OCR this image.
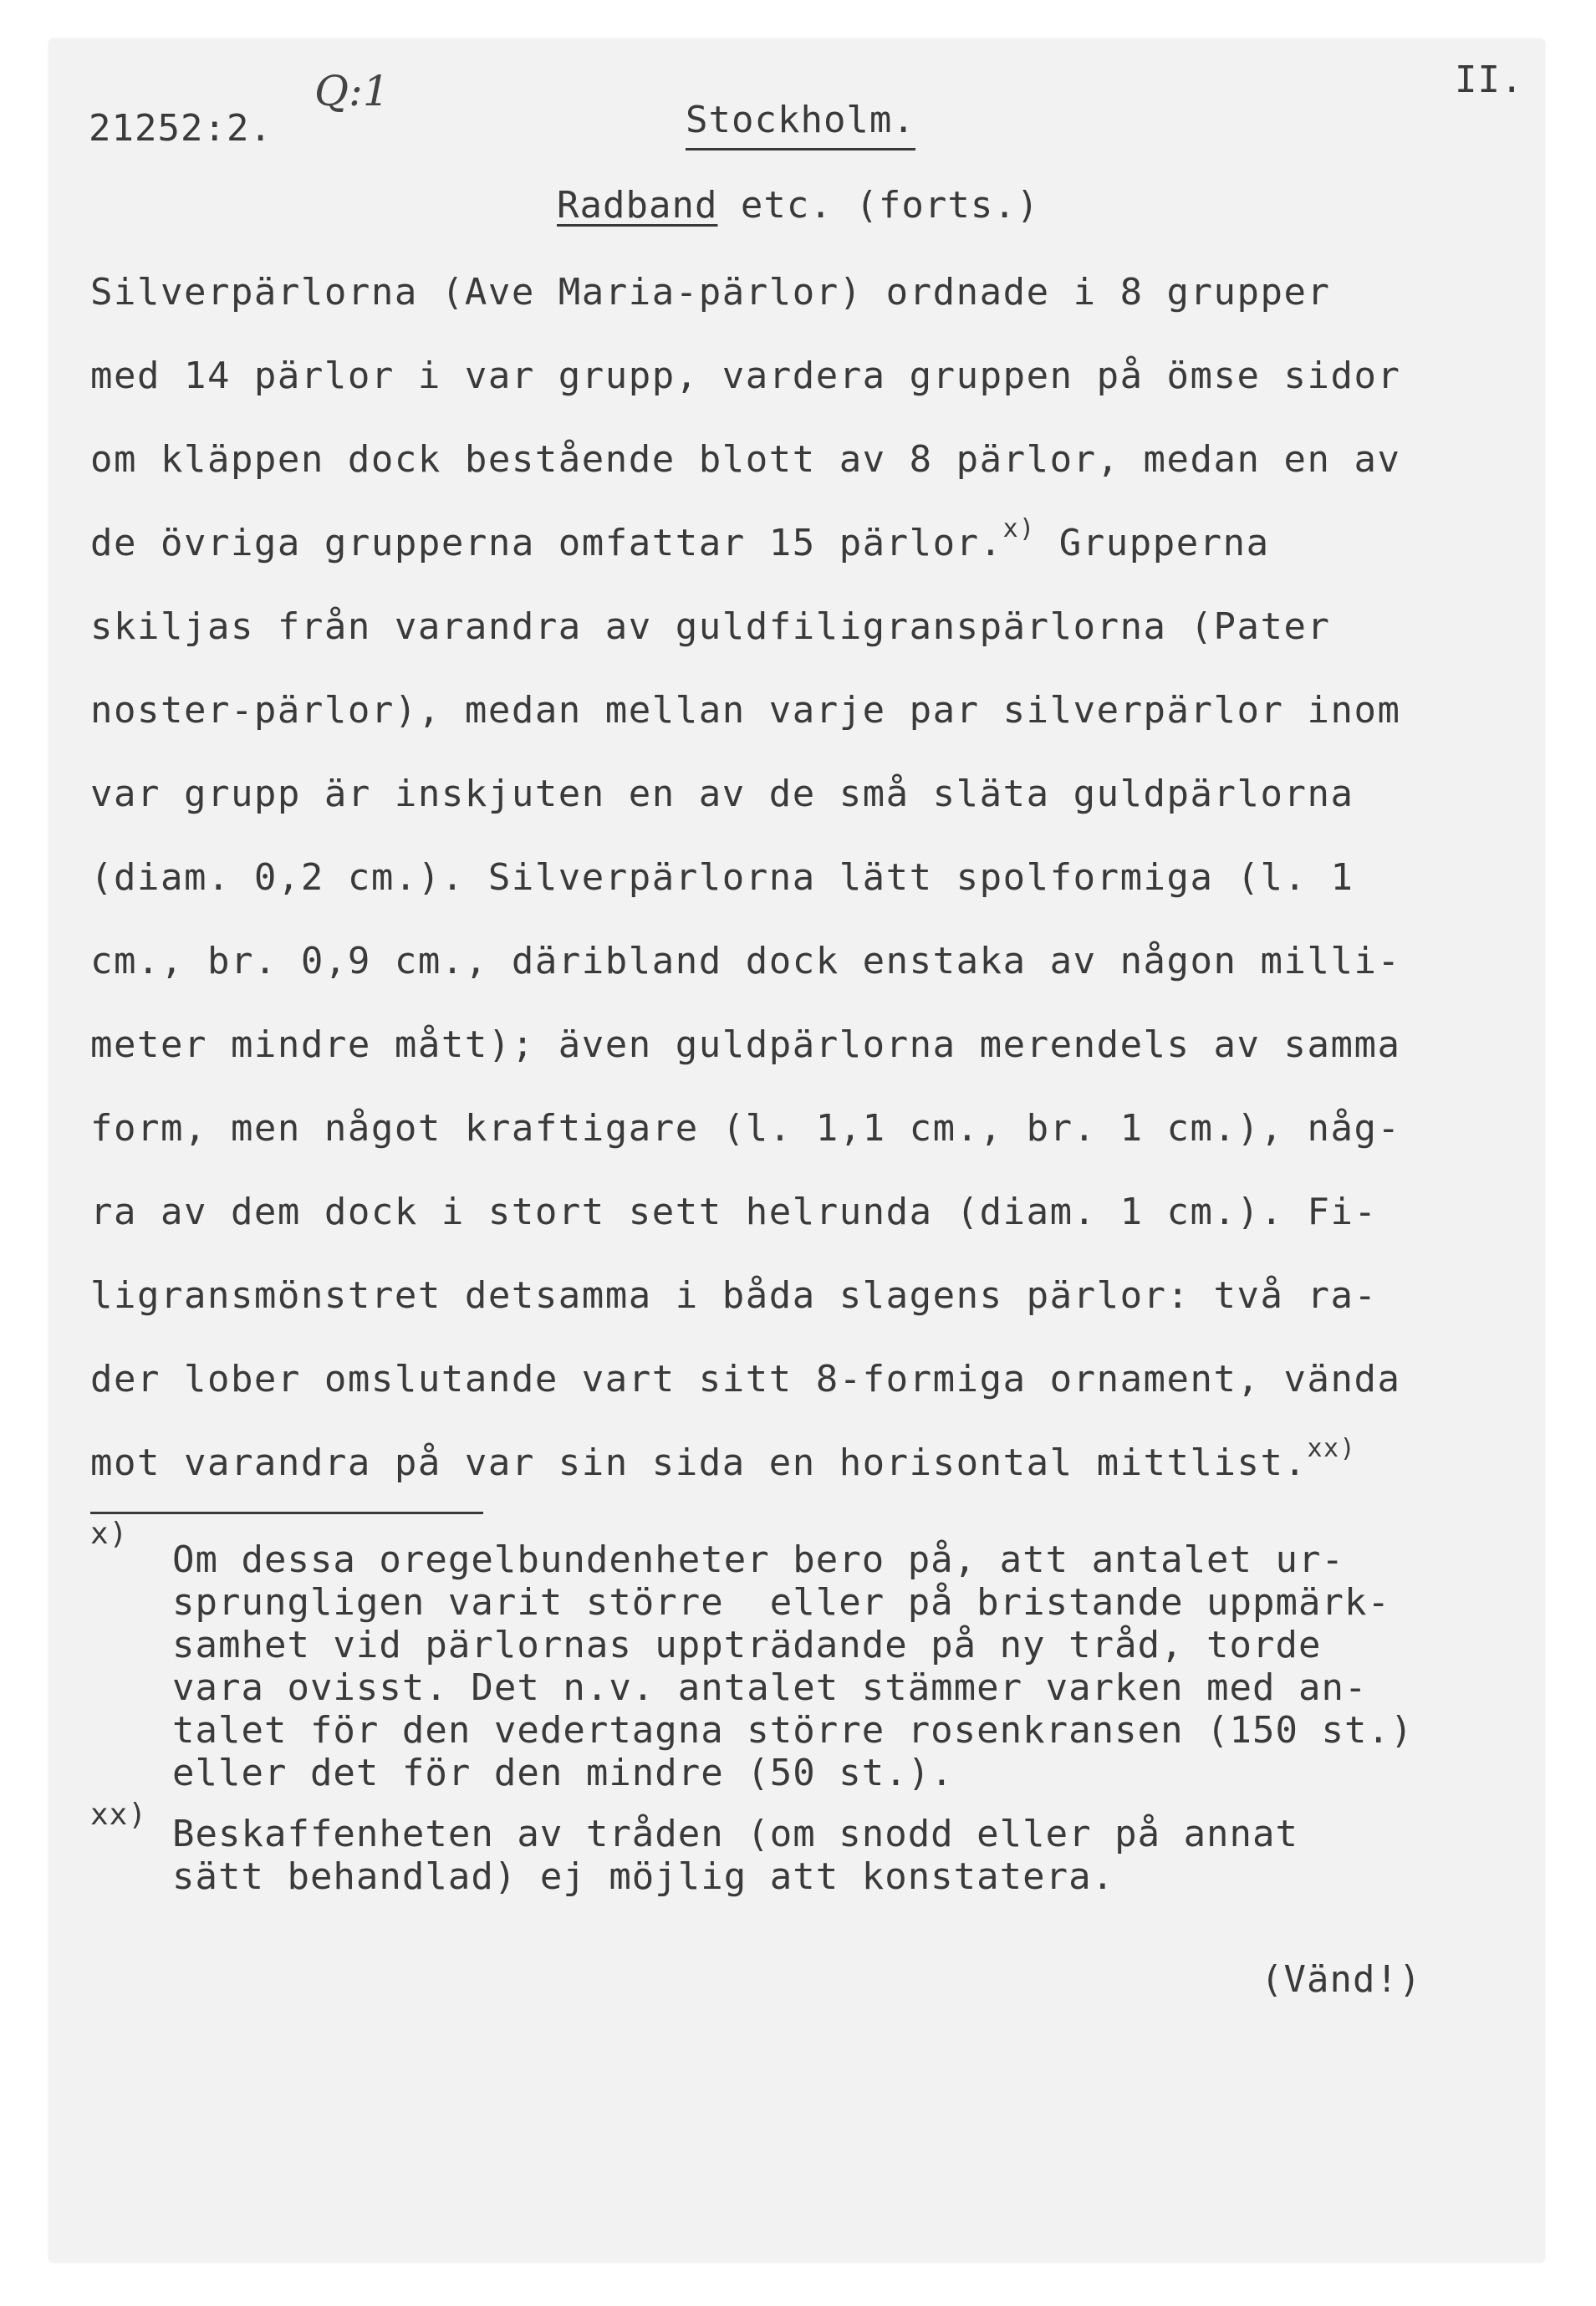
21252:2.
Q:1	II.
Stockholm.
Radband etc. (forts.)
Silverpärlorna (Ave Maria-pärlor) ordnade i 8 grupper
med 14 pärlor i var grupp, vardera gruppen på ömse sidor
om kläppen dock bestående blott av 8 pärlor, medan en av
de övriga grupperna omfattar 15 pärlor.$^{x)}$ Grupperna
skiljas från varandra av guldfiligranspärlorna (Pater
noster-pärlor), medan mellan varje par silverpärlor inom
var grupp är inskjuten en av de små släta guldpärlorna
(diam. 0,2 cm.). Silverpärlorna lätt spolformiga (l. 1
cm., br. 0,9 cm., däribland dock enstaka av någon milli-
meter mindre mått); även guldpärlorna merendels av samma
form, men något kraftigare (l. 1,1 cm., br. 1 cm.), någ-
ra av dem dock i stort sett helrunda (diam. 1 cm.). Fi-
ligransmönstret detsamma i båda slagens pärlor: två ra-
der lober omslutande vart sitt 8-formiga ornament, vända
mot varandra på var sin sida en horisontal mittlist.$^{xx)}$
x)
Om dessa oregelbundenheter bero på, att antalet ur-
sprungligen varit större  eller på bristande uppmärk-
samhet vid pärlornas uppträdande på ny tråd, torde
vara ovisst. Det n.v. antalet stämmer varken med an-
talet för den vedertagna större rosenkransen (150 st.)
eller det för den mindre (50 st.).
xx) Beskaffenheten av tråden (om snodd eller på annat
sätt behandlad) ej möjlig att konstatera.
(Vänd!)
